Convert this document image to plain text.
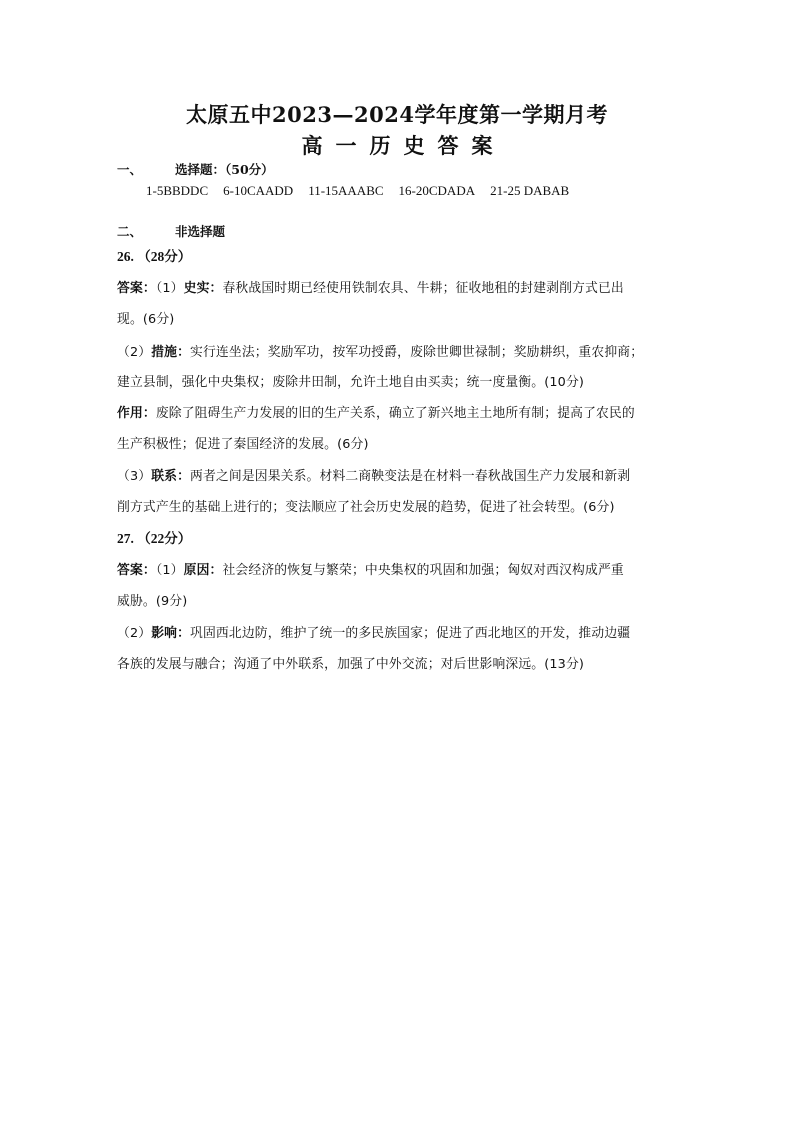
太原五中2023—2024学年度第一学期月考
高一历史答案
一、	选择题：（50分）
1-5BBDDC 6-10CAADD 11-15AAABC 16-20CDADA 21-25 DABAB
二、	非选择题
26. （28分）
答案：（1）史实：春秋战国时期已经使用铁制农具、牛耕；征收地租的封建剥削方式已出
现。(6分)
（2）措施：实行连坐法；奖励军功，按军功授爵，废除世卿世禄制；奖励耕织，重农抑商；
建立县制，强化中央集权；废除井田制，允许土地自由买卖；统一度量衡。(10分)
作用：废除了阻碍生产力发展的旧的生产关系，确立了新兴地主土地所有制；提高了农民的
生产积极性；促进了秦国经济的发展。(6分)
（3）联系：两者之间是因果关系。材料二商鞅变法是在材料一春秋战国生产力发展和新剥
削方式产生的基础上进行的；变法顺应了社会历史发展的趋势，促进了社会转型。(6分)
27. （22分）
答案：（1）原因：社会经济的恢复与繁荣；中央集权的巩固和加强；匈奴对西汉构成严重
威胁。(9分)
（2）影响：巩固西北边防，维护了统一的多民族国家；促进了西北地区的开发，推动边疆
各族的发展与融合；沟通了中外联系，加强了中外交流；对后世影响深远。(13分)
